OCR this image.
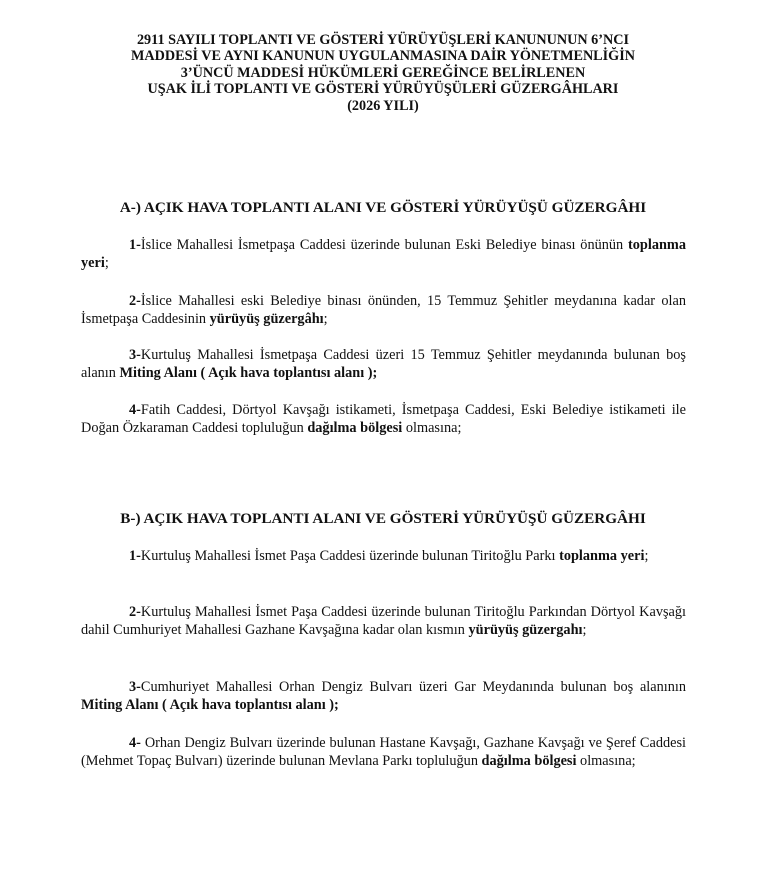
2911 SAYILI TOPLANTI VE GÖSTERİ YÜRÜYÜŞLERİ KANUNUNUN 6’NCI
MADDESİ VE AYNI KANUNUN UYGULANMASINA DAİR YÖNETMENLİĞİN
3’ÜNCÜ MADDESİ HÜKÜMLERİ GEREĞİNCE BELİRLENEN
UŞAK İLİ TOPLANTI VE GÖSTERİ YÜRÜYÜŞÜLERİ GÜZERGÂHLARI
(2026 YILI)
A-) AÇIK HAVA TOPLANTI ALANI VE GÖSTERİ YÜRÜYÜŞÜ GÜZERGÂHI

1-İslice Mahallesi İsmetpaşa Caddesi üzerinde bulunan Eski Belediye binası önünün toplanma yeri;

2-İslice Mahallesi eski Belediye binası önünden, 15 Temmuz Şehitler meydanına kadar olan İsmetpaşa Caddesinin yürüyüş güzergâhı;

3-Kurtuluş Mahallesi İsmetpaşa Caddesi üzeri 15 Temmuz Şehitler meydanında bulunan boş alanın Miting Alanı ( Açık hava toplantısı alanı );

4-Fatih Caddesi, Dörtyol Kavşağı istikameti, İsmetpaşa Caddesi, Eski Belediye istikameti ile Doğan Özkaraman Caddesi topluluğun dağılma bölgesi olmasına;

B-) AÇIK HAVA TOPLANTI ALANI VE GÖSTERİ YÜRÜYÜŞÜ GÜZERGÂHI

1-Kurtuluş Mahallesi İsmet Paşa Caddesi üzerinde bulunan Tiritoğlu Parkı toplanma yeri;

2-Kurtuluş Mahallesi İsmet Paşa Caddesi üzerinde bulunan Tiritoğlu Parkından Dörtyol Kavşağı dahil Cumhuriyet Mahallesi Gazhane Kavşağına kadar olan kısmın yürüyüş güzergahı;

3-Cumhuriyet Mahallesi Orhan Dengiz Bulvarı üzeri Gar Meydanında bulunan boş alanının Miting Alanı ( Açık hava toplantısı alanı );

4- Orhan Dengiz Bulvarı üzerinde bulunan Hastane Kavşağı, Gazhane Kavşağı ve Şeref Caddesi (Mehmet Topaç Bulvarı) üzerinde bulunan Mevlana Parkı topluluğun dağılma bölgesi olmasına;
